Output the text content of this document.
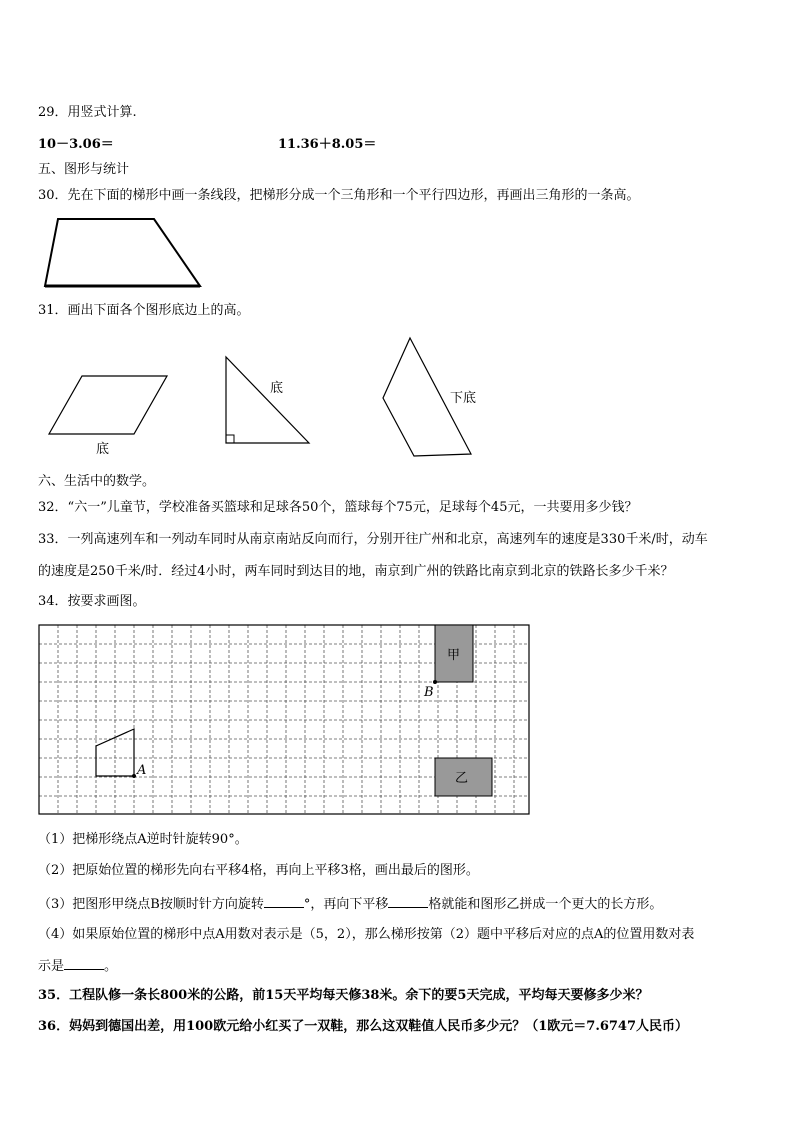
29．用竖式计算.
10－3.06＝	11.36＋8.05＝
五、图形与统计
30．先在下面的梯形中画一条线段，把梯形分成一个三角形和一个平行四边形，再画出三角形的一条高。
31．画出下面各个图形底边上的高。
底
底
下底
六、生活中的数学。
32．“六一”儿童节，学校准备买篮球和足球各50个，篮球每个75元，足球每个45元，一共要用多少钱？
33．一列高速列车和一列动车同时从南京南站反向而行，分别开往广州和北京，高速列车的速度是330千米/时，动车
的速度是250千米/时．经过4小时，两车同时到达目的地，南京到广州的铁路比南京到北京的铁路长多少千米？
34．按要求画图。
甲
B
乙
A
（1）把梯形绕点A逆时针旋转90°。
（2）把原始位置的梯形先向右平移4格，再向上平移3格，画出最后的图形。
（3）把图形甲绕点B按顺时针方向旋转	°，再向下平移	格就能和图形乙拼成一个更大的长方形。
（4）如果原始位置的梯形中点A用数对表示是（5，2），那么梯形按第（2）题中平移后对应的点A的位置用数对表
示是	。
35．工程队修一条长800米的公路，前15天平均每天修38米。余下的要5天完成，平均每天要修多少米？
36．妈妈到德国出差，用100欧元给小红买了一双鞋，那么这双鞋值人民币多少元？（1欧元＝7.6747人民币）
